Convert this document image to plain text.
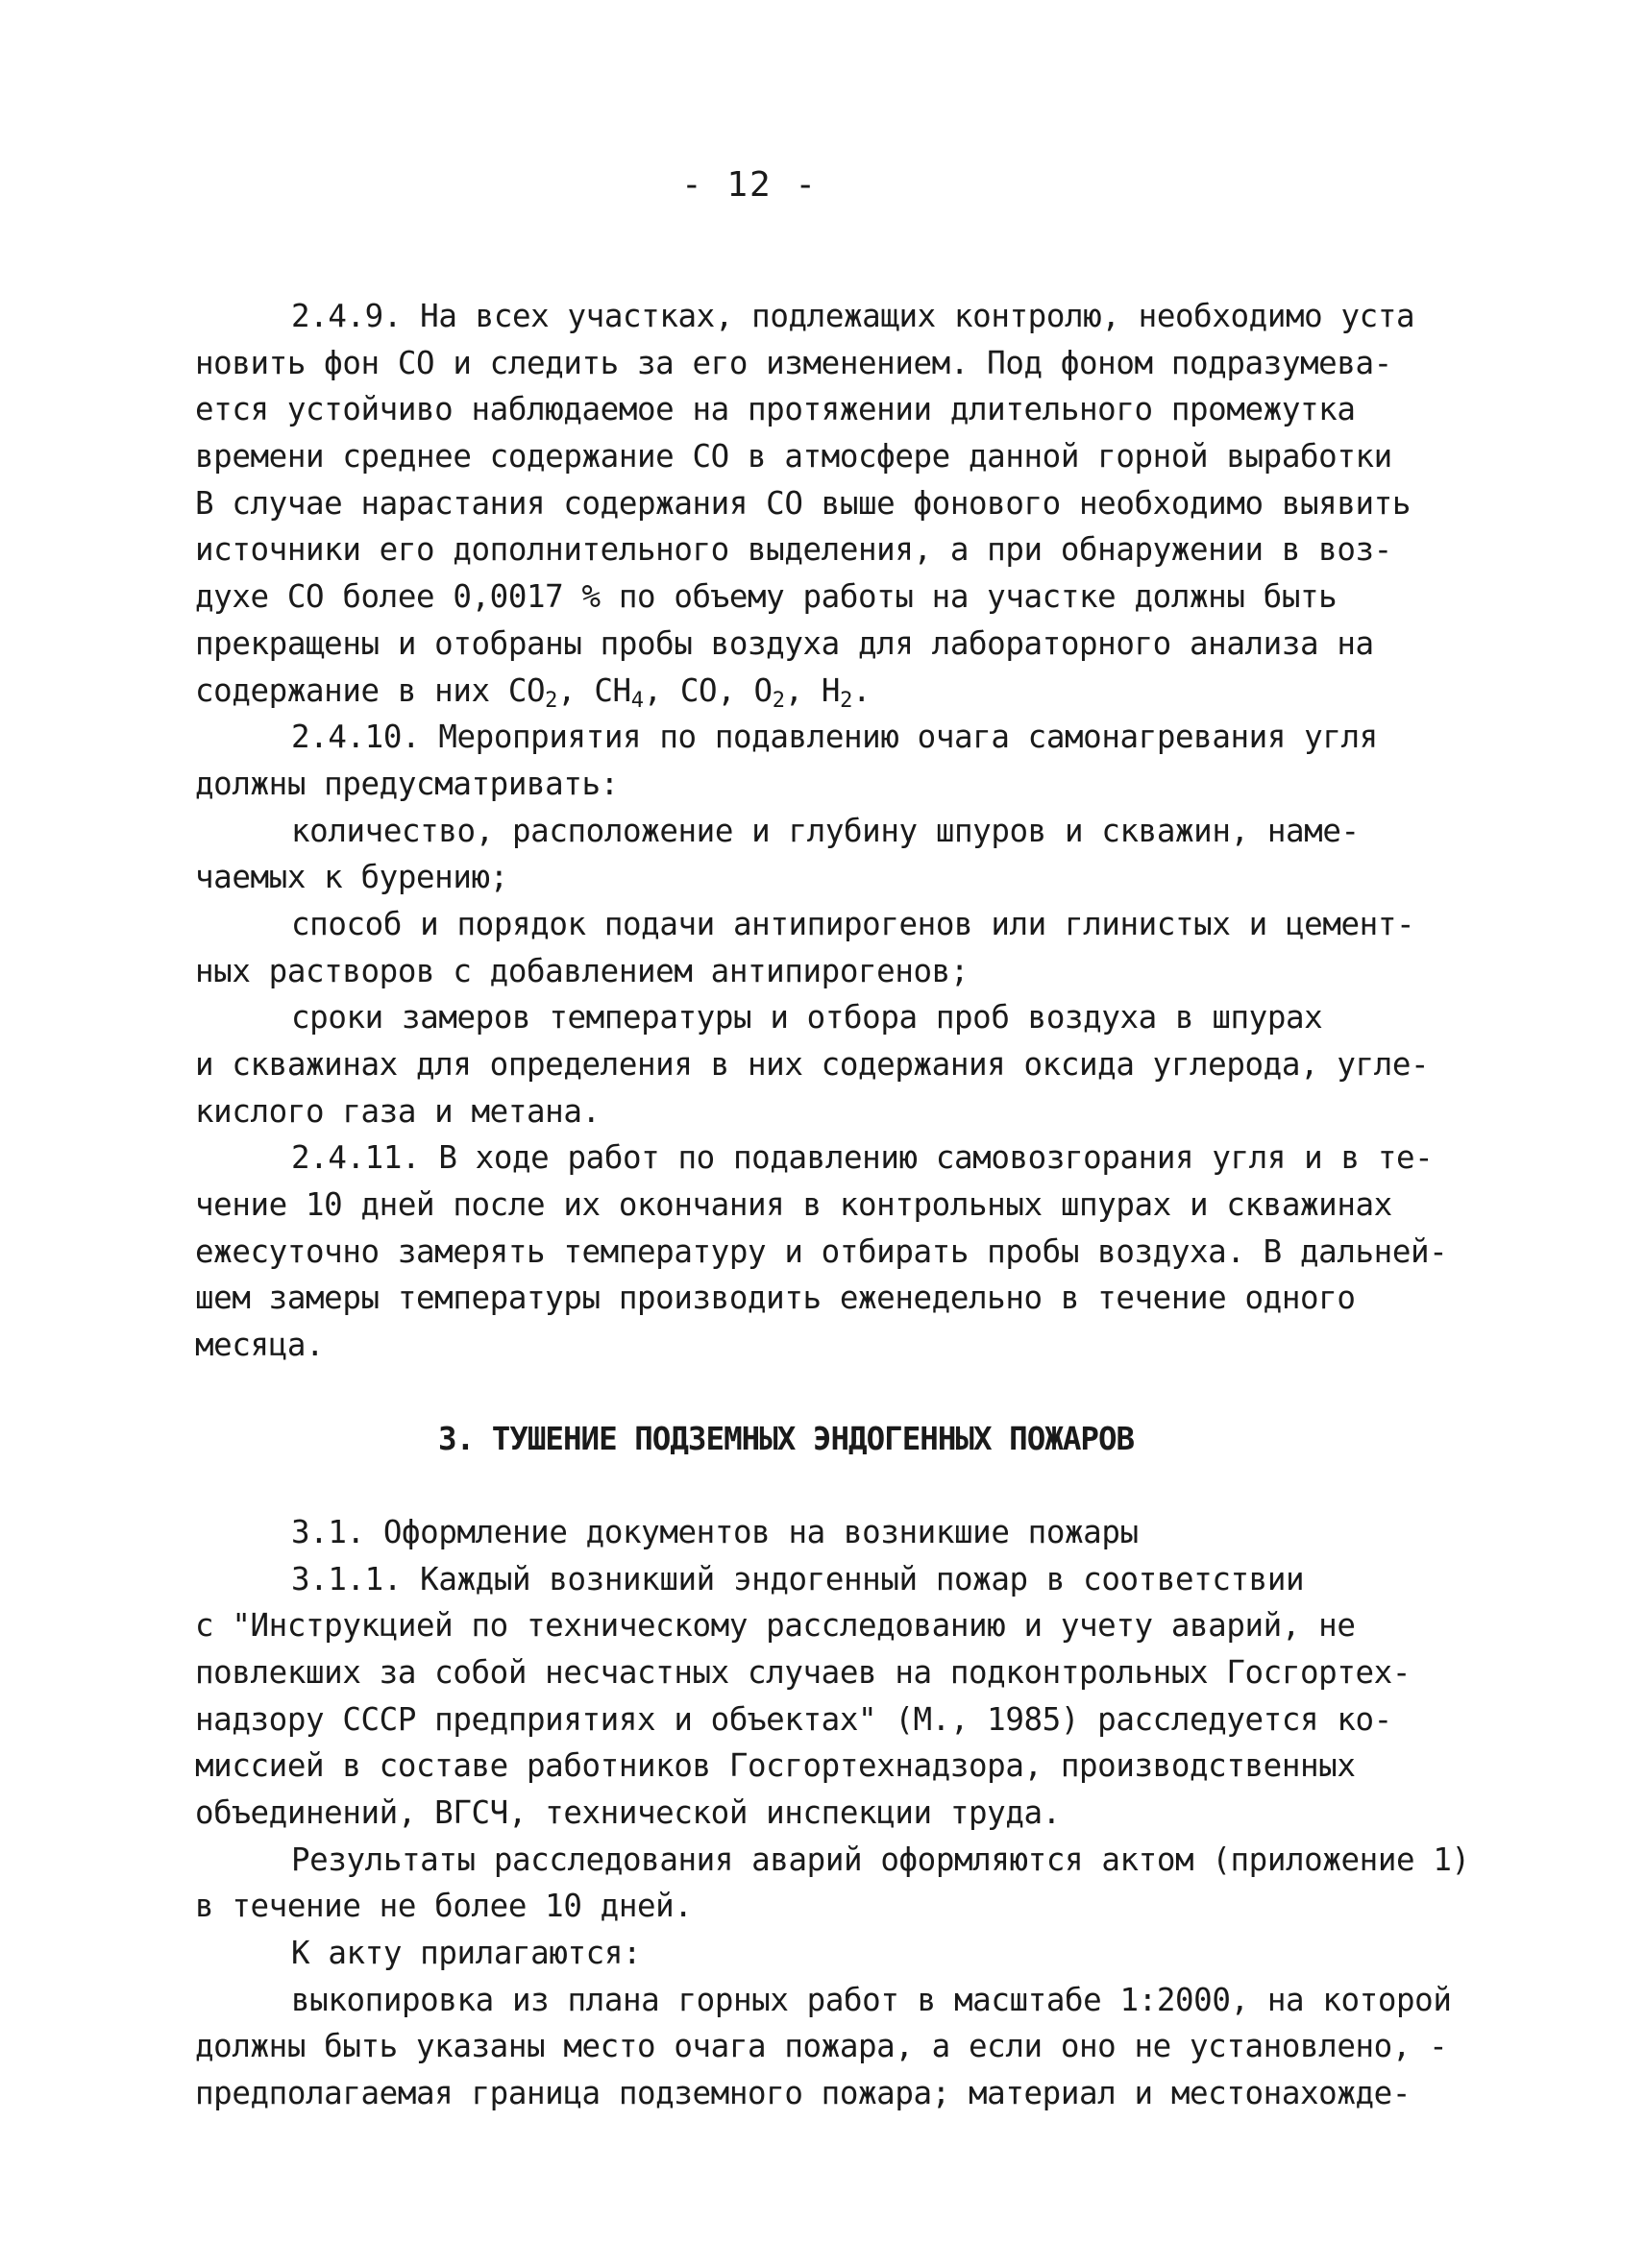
- 12 -
2.4.9. На всех участках, подлежащих контролю, необходимо уста
новить фон СО и следить за его изменением. Под фоном подразумева-
ется устойчиво наблюдаемое на протяжении длительного промежутка
времени среднее содержание СО в атмосфере данной горной выработки
В случае нарастания содержания СО выше фонового необходимо выявить
источники его дополнительного выделения, а при обнаружении в воз-
духе СО более 0,0017 % по объему работы на участке должны быть
прекращены и отобраны пробы воздуха для лабораторного анализа на
содержание в них $СО_2$, $СН_4$, СО, $О_2$, $Н_2$.
2.4.10. Мероприятия по подавлению очага самонагревания угля
должны предусматривать:
количество, расположение и глубину шпуров и скважин, наме-
чаемых к бурению;
способ и порядок подачи антипирогенов или глинистых и цемент-
ных растворов с добавлением антипирогенов;
сроки замеров температуры и отбора проб воздуха в шпурах
и скважинах для определения в них содержания оксида углерода, угле-
кислого газа и метана.
2.4.11. В ходе работ по подавлению самовозгорания угля и в те-
чение 10 дней после их окончания в контрольных шпурах и скважинах
ежесуточно замерять температуру и отбирать пробы воздуха. В дальней-
шем замеры температуры производить еженедельно в течение одного
месяца.
3. ТУШЕНИЕ ПОДЗЕМНЫХ ЭНДОГЕННЫХ ПОЖАРОВ
3.1. Оформление документов на возникшие пожары
3.1.1. Каждый возникший эндогенный пожар в соответствии
с "Инструкцией по техническому расследованию и учету аварий, не
повлекших за собой несчастных случаев на подконтрольных Госгортех-
надзору СССР предприятиях и объектах" (М., 1985) расследуется ко-
миссией в составе работников Госгортехнадзора, производственных
объединений, ВГСЧ, технической инспекции труда.
Результаты расследования аварий оформляются актом (приложение 1)
в течение не более 10 дней.
К акту прилагаются:
выкопировка из плана горных работ в масштабе 1:2000, на которой
должны быть указаны место очага пожара, а если оно не установлено, -
предполагаемая граница подземного пожара; материал и местонахожде-
